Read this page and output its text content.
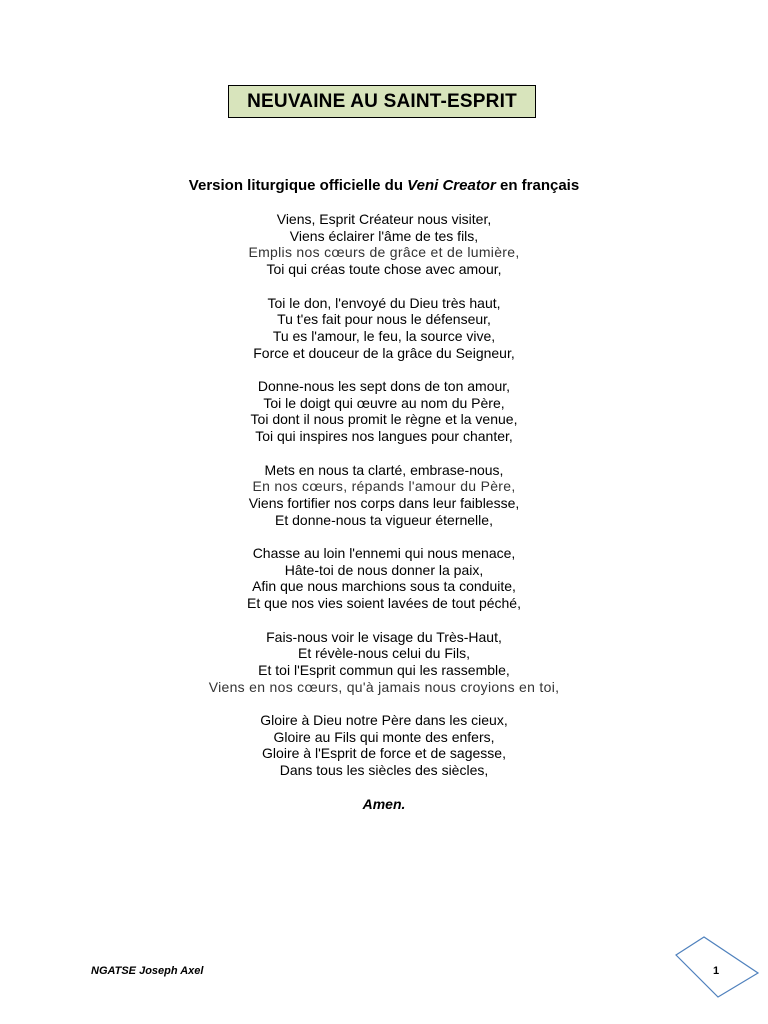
NEUVAINE AU SAINT-ESPRIT
Version liturgique officielle du Veni Creator en français
Viens, Esprit Créateur nous visiter,
Viens éclairer l'âme de tes fils,
Emplis nos cœurs de grâce et de lumière,
Toi qui créas toute chose avec amour,
Toi le don, l'envoyé du Dieu très haut,
Tu t'es fait pour nous le défenseur,
Tu es l'amour, le feu, la source vive,
Force et douceur de la grâce du Seigneur,
Donne-nous les sept dons de ton amour,
Toi le doigt qui œuvre au nom du Père,
Toi dont il nous promit le règne et la venue,
Toi qui inspires nos langues pour chanter,
Mets en nous ta clarté, embrase-nous,
En nos cœurs, répands l'amour du Père,
Viens fortifier nos corps dans leur faiblesse,
Et donne-nous ta vigueur éternelle,
Chasse au loin l'ennemi qui nous menace,
Hâte-toi de nous donner la paix,
Afin que nous marchions sous ta conduite,
Et que nos vies soient lavées de tout péché,
Fais-nous voir le visage du Très-Haut,
Et révèle-nous celui du Fils,
Et toi l'Esprit commun qui les rassemble,
Viens en nos cœurs, qu'à jamais nous croyions en toi,
Gloire à Dieu notre Père dans les cieux,
Gloire au Fils qui monte des enfers,
Gloire à l'Esprit de force et de sagesse,
Dans tous les siècles des siècles,
Amen.
NGATSE Joseph Axel	1
